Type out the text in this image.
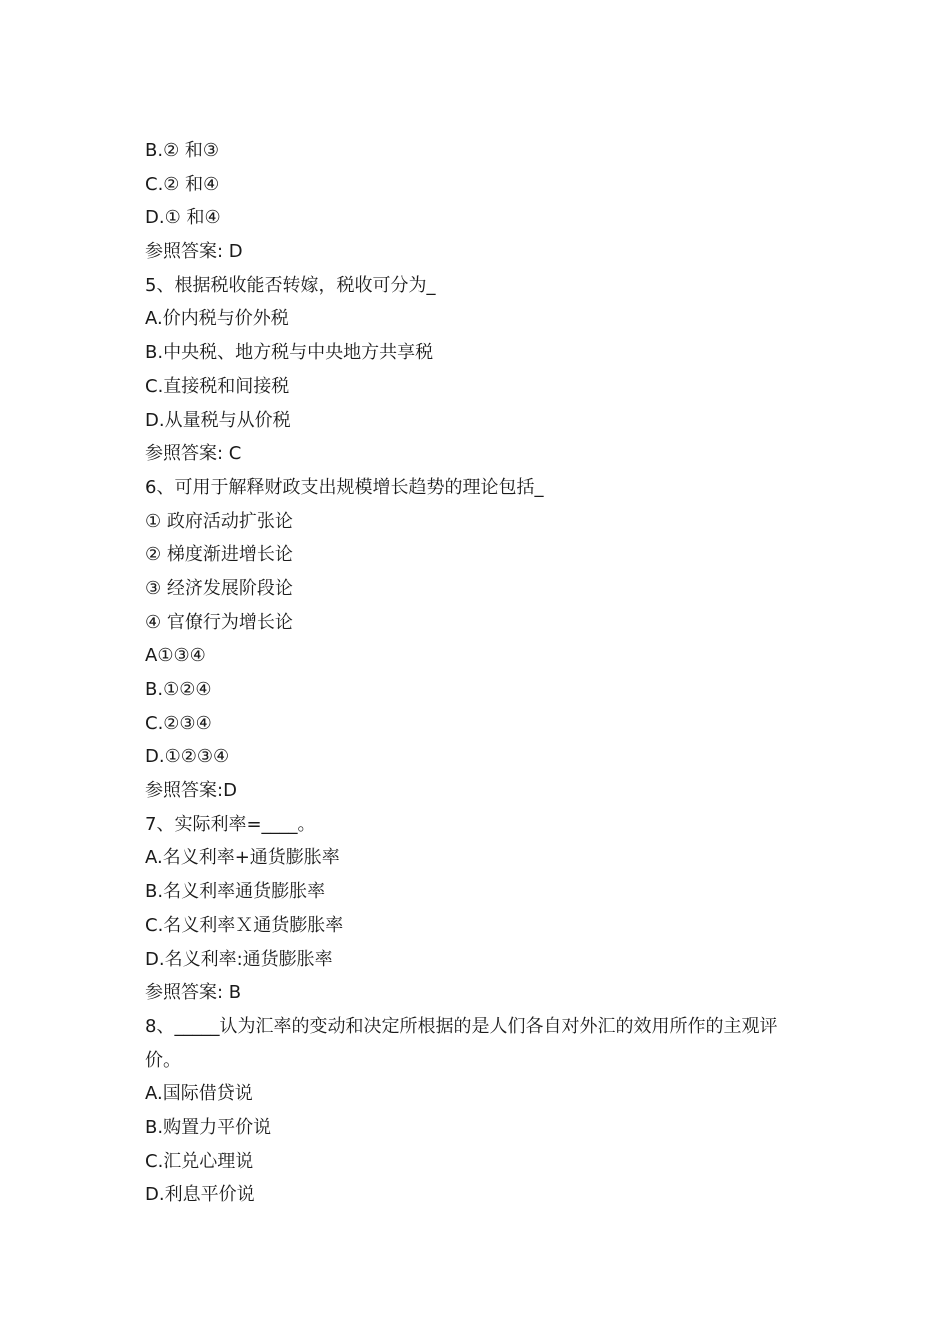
B.② 和③

C.② 和④

D.① 和④

参照答案: D

5、根据税收能否转嫁，税收可分为_

A.价内税与价外税

B.中央税、地方税与中央地方共享税

C.直接税和间接税

D.从量税与从价税

参照答案: C

6、可用于解释财政支出规模增长趋势的理论包括_

① 政府活动扩张论

② 梯度渐进增长论

③ 经济发展阶段论

④ 官僚行为增长论

A①③④

B.①②④

C.②③④

D.①②③④

参照答案:D

7、实际利率=____。

A.名义利率+通货膨胀率

B.名义利率通货膨胀率

C.名义利率Ｘ通货膨胀率

D.名义利率:通货膨胀率

参照答案: B

8、_____认为汇率的变动和决定所根据的是人们各自对外汇的效用所作的主观评价。

A.国际借贷说

B.购置力平价说

C.汇兑心理说

D.利息平价说
